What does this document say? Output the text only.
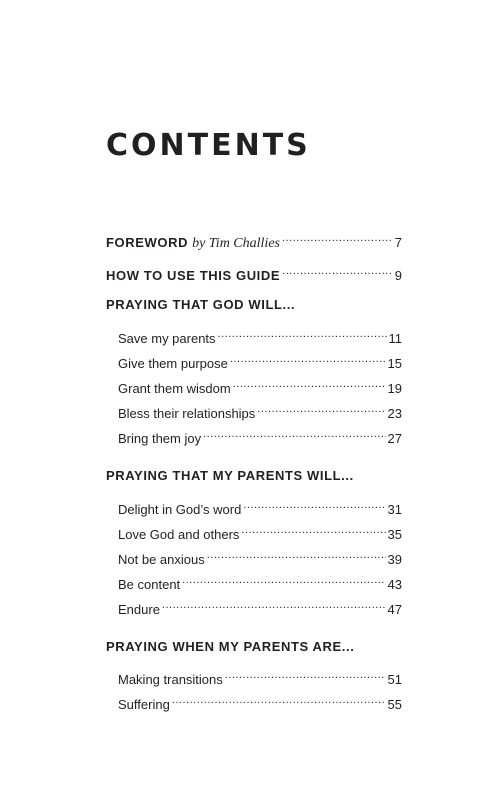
CONTENTS
FOREWORD by Tim Challies .....	7
HOW TO USE THIS GUIDE .....	9
PRAYING THAT GOD WILL...
Save my parents .....	11
Give them purpose .....	15
Grant them wisdom .....	19
Bless their relationships .....	23
Bring them joy .....	27
PRAYING THAT MY PARENTS WILL...
Delight in God’s word .....	31
Love God and others .....	35
Not be anxious .....	39
Be content .....	43
Endure .....	47
PRAYING WHEN MY PARENTS ARE...
Making transitions .....	51
Suffering .....	55
